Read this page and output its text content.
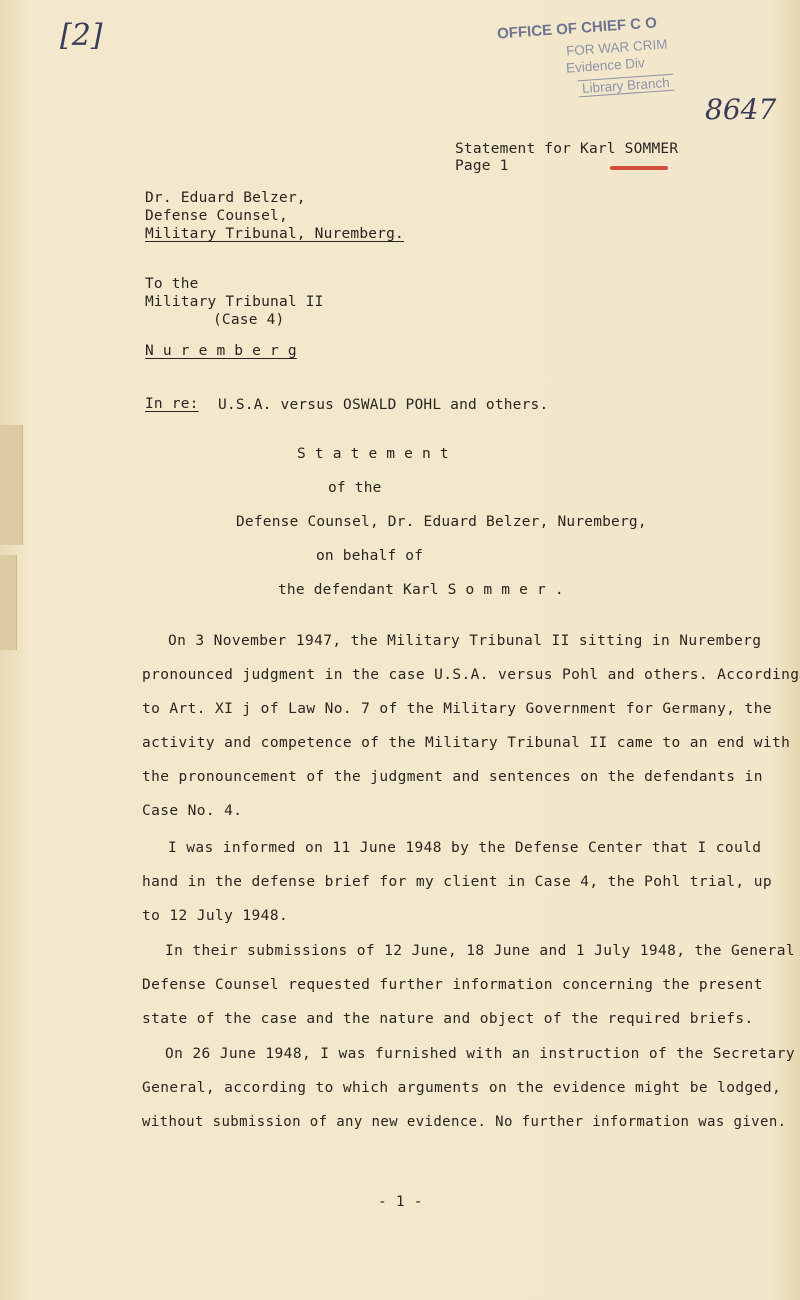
[2]	OFFICE OF CHIEF C O
FOR WAR CRIM
Evidence Div
Library Branch
8647
Statement for Karl SOMMER
Page 1
Dr. Eduard Belzer,
Defense Counsel,
Military Tribunal, Nuremberg.
To the
Military Tribunal II
(Case 4)
N u r e m b e r g
In re: U.S.A. versus OSWALD POHL and others.
S t a t e m e n t
of the
Defense Counsel, Dr. Eduard Belzer, Nuremberg,
on behalf of
the defendant Karl S o m m e r .
On 3 November 1947, the Military Tribunal II sitting in Nuremberg
pronounced judgment in the case U.S.A. versus Pohl and others. According
to Art. XI j of Law No. 7 of the Military Government for Germany, the
activity and competence of the Military Tribunal II came to an end with
the pronouncement of the judgment and sentences on the defendants in
Case No. 4.
I was informed on 11 June 1948 by the Defense Center that I could
hand in the defense brief for my client in Case 4, the Pohl trial, up
to 12 July 1948.
In their submissions of 12 June, 18 June and 1 July 1948, the General
Defense Counsel requested further information concerning the present
state of the case and the nature and object of the required briefs.
On 26 June 1948, I was furnished with an instruction of the Secretary
General, according to which arguments on the evidence might be lodged,
without submission of any new evidence. No further information was given.
- 1 -
